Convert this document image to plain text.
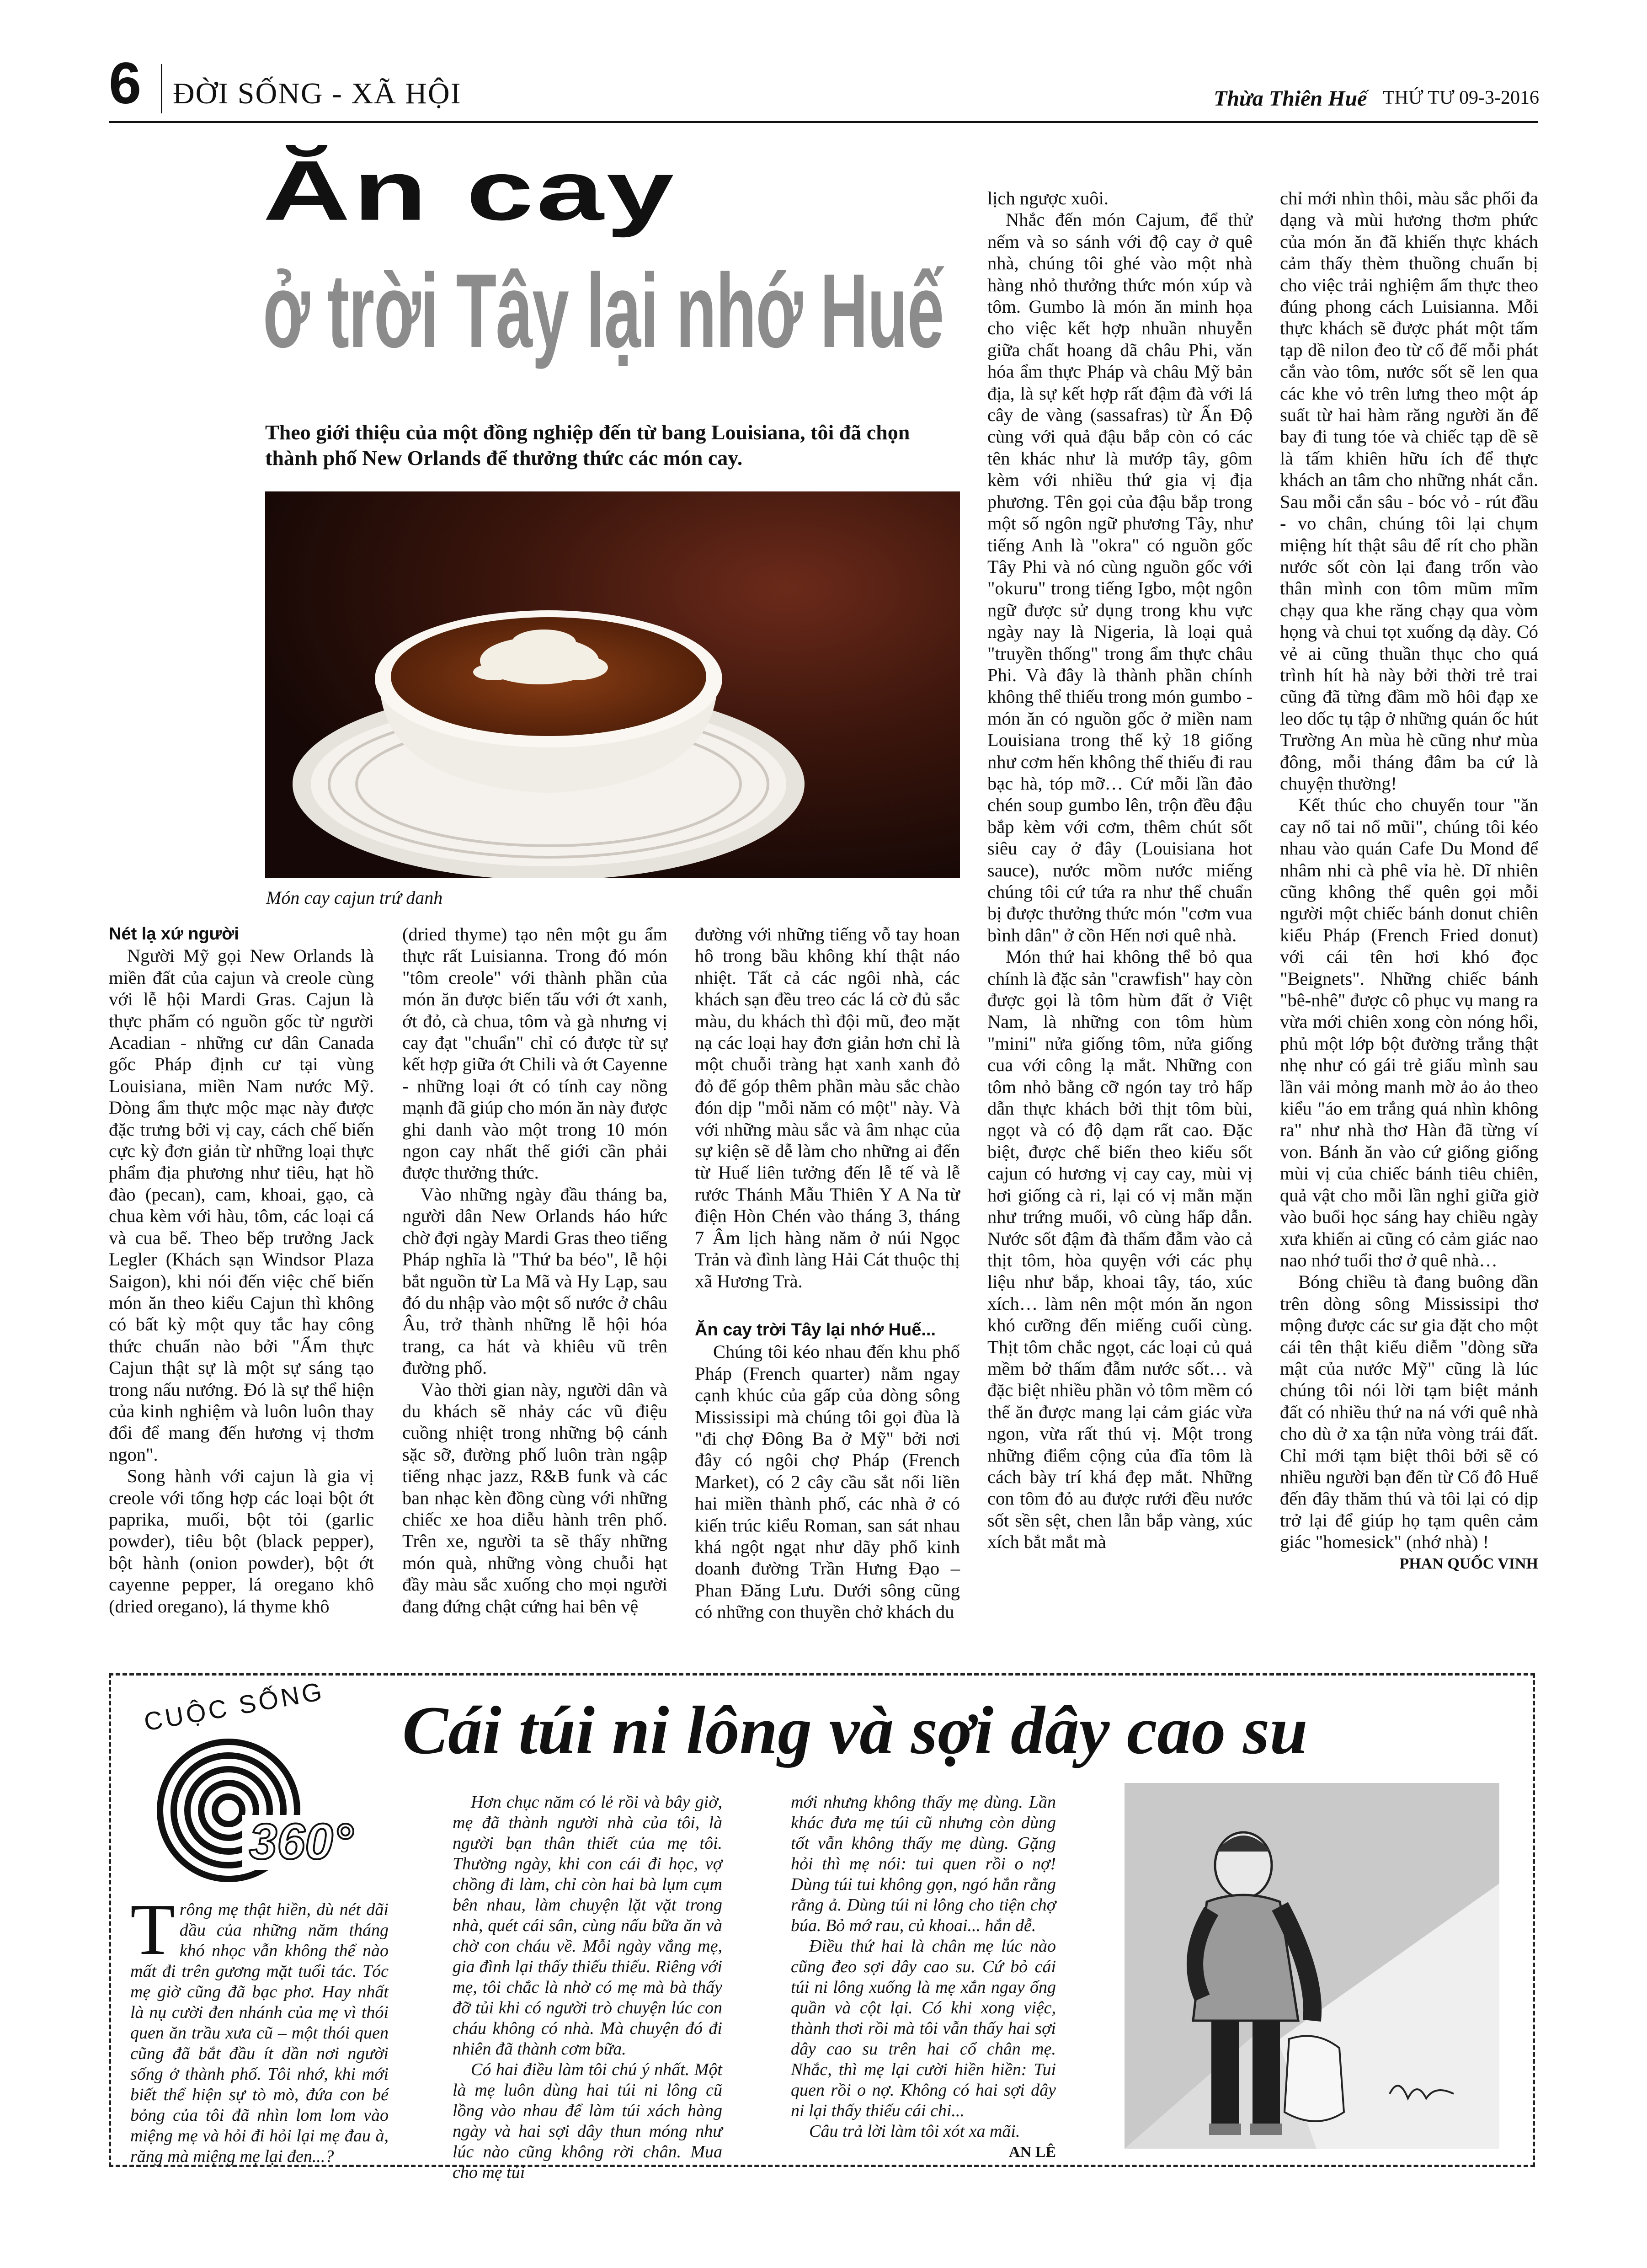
6 ĐỜI SỐNG - XÃ HỘI	Thừa Thiên Huế THỨ TƯ 09-3-2016
Ăn cay
ở trời Tây lại nhớ Huế
Theo giới thiệu của một đồng nghiệp đến từ bang Louisiana, tôi đã chọn thành phố New Orlands để thưởng thức các món cay.
Món cay cajun trứ danh

Nét lạ xứ người

Người Mỹ gọi New Orlands là miền đất của cajun và creole cùng với lễ hội Mardi Gras. Cajun là thực phẩm có nguồn gốc từ người Acadian - những cư dân Canada gốc Pháp định cư tại vùng Louisiana, miền Nam nước Mỹ. Dòng ẩm thực mộc mạc này được đặc trưng bởi vị cay, cách chế biến cực kỳ đơn giản từ những loại thực phẩm địa phương như tiêu, hạt hồ đào (pecan), cam, khoai, gạo, cà chua kèm với hàu, tôm, các loại cá và cua bể. Theo bếp trưởng Jack Legler (Khách sạn Windsor Plaza Saigon), khi nói đến việc chế biến món ăn theo kiểu Cajun thì không có bất kỳ một quy tắc hay công thức chuẩn nào bởi "Ẩm thực Cajun thật sự là một sự sáng tạo trong nấu nướng. Đó là sự thể hiện của kinh nghiệm và luôn luôn thay đổi để mang đến hương vị thơm ngon".

Song hành với cajun là gia vị creole với tổng hợp các loại bột ớt paprika, muối, bột tỏi (garlic powder), tiêu bột (black pepper), bột hành (onion powder), bột ớt cayenne pepper, lá oregano khô (dried oregano), lá thyme khô

(dried thyme) tạo nên một gu ẩm thực rất Luisianna. Trong đó món "tôm creole" với thành phần của món ăn được biến tấu với ớt xanh, ớt đỏ, cà chua, tôm và gà nhưng vị cay đạt "chuẩn" chỉ có được từ sự kết hợp giữa ớt Chili và ớt Cayenne - những loại ớt có tính cay nồng mạnh đã giúp cho món ăn này được ghi danh vào một trong 10 món ngon cay nhất thế giới cần phải được thưởng thức.

Vào những ngày đầu tháng ba, người dân New Orlands háo hức chờ đợi ngày Mardi Gras theo tiếng Pháp nghĩa là "Thứ ba béo", lễ hội bắt nguồn từ La Mã và Hy Lạp, sau đó du nhập vào một số nước ở châu Âu, trở thành những lễ hội hóa trang, ca hát và khiêu vũ trên đường phố.

Vào thời gian này, người dân và du khách sẽ nhảy các vũ điệu cuồng nhiệt trong những bộ cánh sặc sỡ, đường phố luôn tràn ngập tiếng nhạc jazz, R&B funk và các ban nhạc kèn đồng cùng với những chiếc xe hoa diễu hành trên phố. Trên xe, người ta sẽ thấy những món quà, những vòng chuỗi hạt đầy màu sắc xuống cho mọi người đang đứng chật cứng hai bên vệ

đường với những tiếng vỗ tay hoan hô trong bầu không khí thật náo nhiệt. Tất cả các ngôi nhà, các khách sạn đều treo các lá cờ đủ sắc màu, du khách thì đội mũ, đeo mặt nạ các loại hay đơn giản hơn chỉ là một chuỗi tràng hạt xanh xanh đỏ đỏ để góp thêm phần màu sắc chào đón dịp "mỗi năm có một" này. Và với những màu sắc và âm nhạc của sự kiện sẽ dễ làm cho những ai đến từ Huế liên tưởng đến lễ tế và lễ rước Thánh Mẫu Thiên Y A Na từ điện Hòn Chén vào tháng 3, tháng 7 Âm lịch hàng năm ở núi Ngọc Trản và đình làng Hải Cát thuộc thị xã Hương Trà.

Ăn cay trời Tây lại nhớ Huế...

Chúng tôi kéo nhau đến khu phố Pháp (French quarter) nằm ngay cạnh khúc của gấp của dòng sông Mississipi mà chúng tôi gọi đùa là "đi chợ Đông Ba ở Mỹ" bởi nơi đây có ngôi chợ Pháp (French Market), có 2 cây cầu sắt nối liền hai miền thành phố, các nhà ở có kiến trúc kiểu Roman, san sát nhau khá ngột ngạt như dãy phố kinh doanh đường Trần Hưng Đạo – Phan Đăng Lưu. Dưới sông cũng có những con thuyền chở khách du

lịch ngược xuôi.

Nhắc đến món Cajum, để thử nếm và so sánh với độ cay ở quê nhà, chúng tôi ghé vào một nhà hàng nhỏ thưởng thức món xúp và tôm. Gumbo là món ăn minh họa cho việc kết hợp nhuần nhuyễn giữa chất hoang dã châu Phi, văn hóa ẩm thực Pháp và châu Mỹ bản địa, là sự kết hợp rất đậm đà với lá cây de vàng (sassafras) từ Ấn Độ cùng với quả đậu bắp còn có các tên khác như là mướp tây, gôm kèm với nhiều thứ gia vị địa phương. Tên gọi của đậu bắp trong một số ngôn ngữ phương Tây, như tiếng Anh là "okra" có nguồn gốc Tây Phi và nó cùng nguồn gốc với "okuru" trong tiếng Igbo, một ngôn ngữ được sử dụng trong khu vực ngày nay là Nigeria, là loại quả "truyền thống" trong ẩm thực châu Phi. Và đây là thành phần chính không thể thiếu trong món gumbo - món ăn có nguồn gốc ở miền nam Louisiana trong thể kỷ 18 giống như cơm hến không thể thiếu đi rau bạc hà, tóp mỡ… Cứ mỗi lần đảo chén soup gumbo lên, trộn đều đậu bắp kèm với cơm, thêm chút sốt siêu cay ở đây (Louisiana hot sauce), nước mồm nước miếng chúng tôi cứ tứa ra như thể chuẩn bị được thưởng thức món "cơm vua bình dân" ở cồn Hến nơi quê nhà.

Món thứ hai không thể bỏ qua chính là đặc sản "crawfish" hay còn được gọi là tôm hùm đất ở Việt Nam, là những con tôm hùm "mini" nửa giống tôm, nửa giống cua với công lạ mắt. Những con tôm nhỏ bằng cỡ ngón tay trỏ hấp dẫn thực khách bởi thịt tôm bùi, ngọt và có độ dạm rất cao. Đặc biệt, được chế biến theo kiểu sốt cajun có hương vị cay cay, mùi vị hơi giống cà ri, lại có vị mằn mặn như trứng muối, vô cùng hấp dẫn. Nước sốt đậm đà thấm đẫm vào cả thịt tôm, hòa quyện với các phụ liệu như bắp, khoai tây, táo, xúc xích… làm nên một món ăn ngon khó cưỡng đến miếng cuối cùng. Thịt tôm chắc ngọt, các loại củ quả mềm bở thấm đẫm nước sốt… và đặc biệt nhiều phần vỏ tôm mềm có thể ăn được mang lại cảm giác vừa ngon, vừa rất thú vị. Một trong những điểm cộng của đĩa tôm là cách bày trí khá đẹp mắt. Những con tôm đỏ au được rưới đều nước sốt sền sệt, chen lẫn bắp vàng, xúc xích bắt mắt mà

chỉ mới nhìn thôi, màu sắc phối đa dạng và mùi hương thơm phức của món ăn đã khiến thực khách cảm thấy thèm thuồng chuẩn bị cho việc trải nghiệm ẩm thực theo đúng phong cách Luisianna. Mỗi thực khách sẽ được phát một tấm tạp dề nilon đeo từ cổ để mỗi phát cắn vào tôm, nước sốt sẽ len qua các khe vỏ trên lưng theo một áp suất từ hai hàm răng người ăn để bay đi tung tóe và chiếc tạp dề sẽ là tấm khiên hữu ích để thực khách an tâm cho những nhát cắn. Sau mỗi cắn sâu - bóc vỏ - rút đầu - vo chân, chúng tôi lại chụm miệng hít thật sâu để rít cho phần nước sốt còn lại đang trốn vào thân mình con tôm mũm mĩm chạy qua khe răng chạy qua vòm họng và chui tọt xuống dạ dày. Có vẻ ai cũng thuần thục cho quá trình hít hà này bởi thời trẻ trai cũng đã từng đầm mồ hôi đạp xe leo dốc tụ tập ở những quán ốc hút Trường An mùa hè cũng như mùa đông, mỗi tháng đâm ba cứ là chuyện thường!

Kết thúc cho chuyến tour "ăn cay nổ tai nổ mũi", chúng tôi kéo nhau vào quán Cafe Du Mond để nhâm nhi cà phê vỉa hè. Dĩ nhiên cũng không thể quên gọi mỗi người một chiếc bánh donut chiên kiểu Pháp (French Fried donut) với cái tên hơi khó đọc "Beignets". Những chiếc bánh "bê-nhê" được cô phục vụ mang ra vừa mới chiên xong còn nóng hổi, phủ một lớp bột đường trắng thật nhẹ như có gái trẻ giấu mình sau lần vải mỏng manh mờ ảo ảo theo kiểu "áo em trắng quá nhìn không ra" như nhà thơ Hàn đã từng ví von. Bánh ăn vào cứ giống giống mùi vị của chiếc bánh tiêu chiên, quả vật cho mỗi lần nghỉ giữa giờ vào buổi học sáng hay chiều ngày xưa khiến ai cũng có cảm giác nao nao nhớ tuổi thơ ở quê nhà…

Bóng chiều tà đang buông dần trên dòng sông Mississipi thơ mộng được các sư gia đặt cho một cái tên thật kiểu diễm "dòng sữa mật của nước Mỹ" cũng là lúc chúng tôi nói lời tạm biệt mảnh đất có nhiều thứ na ná với quê nhà cho dù ở xa tận nửa vòng trái đất. Chỉ mới tạm biệt thôi bởi sẽ có nhiều người bạn đến từ Cố đô Huế đến đây thăm thú và tôi lại có dịp trở lại để giúp họ tạm quên cảm giác "homesick" (nhớ nhà) !

PHAN QUỐC VINH

CUỘC SỐNG
360°
Cái túi ni lông và sợi dây cao su
T rông mẹ thật hiền, dù nét dãi dầu của những năm tháng khó nhọc vẫn không thể nào mất đi trên gương mặt tuổi tác. Tóc mẹ giờ cũng đã bạc phơ. Hay nhất là nụ cười đen nhánh của mẹ vì thói quen ăn trầu xưa cũ – một thói quen cũng đã bắt đầu ít dần nơi người sống ở thành phố. Tôi nhớ, khi mới biết thể hiện sự tò mò, đứa con bé bỏng của tôi đã nhìn lom lom vào miệng mẹ và hỏi đi hỏi lại mẹ đau à, răng mà miệng mẹ lại đen...?

Hơn chục năm có lẻ rồi và bây giờ, mẹ đã thành người nhà của tôi, là người bạn thân thiết của mẹ tôi. Thường ngày, khi con cái đi học, vợ chồng đi làm, chỉ còn hai bà lụm cụm bên nhau, làm chuyện lặt vặt trong nhà, quét cái sân, cùng nấu bữa ăn và chờ con cháu về. Mỗi ngày vắng mẹ, gia đình lại thấy thiếu thiếu. Riêng với mẹ, tôi chắc là nhờ có mẹ mà bà thấy đỡ tủi khi có người trò chuyện lúc con cháu không có nhà. Mà chuyện đó đi nhiên đã thành cơm bữa.

Có hai điều làm tôi chú ý nhất. Một là mẹ luôn dùng hai túi ni lông cũ lồng vào nhau để làm túi xách hàng ngày và hai sợi dây thun móng như lúc nào cũng không rời chân. Mua cho mẹ túi

mới nhưng không thấy mẹ dùng. Lần khác đưa mẹ túi cũ nhưng còn dùng tốt vẫn không thấy mẹ dùng. Gặng hỏi thì mẹ nói: tui quen rồi o nợ! Dùng túi tui không gọn, ngó hắn rằng rằng ả. Dùng túi ni lông cho tiện chợ búa. Bỏ mớ rau, củ khoai... hắn dễ.

Điều thứ hai là chân mẹ lúc nào cũng đeo sợi dây cao su. Cứ bỏ cái túi ni lông xuống là mẹ xắn ngay ống quần và cột lại. Có khi xong việc, thành thơi rồi mà tôi vẫn thấy hai sợi dây cao su trên hai cổ chân mẹ. Nhắc, thì mẹ lại cười hiền hiền: Tui quen rồi o nợ. Không có hai sợi dây ni lại thấy thiếu cái chi...

Câu trả lời làm tôi xót xa mãi.

AN LÊ
